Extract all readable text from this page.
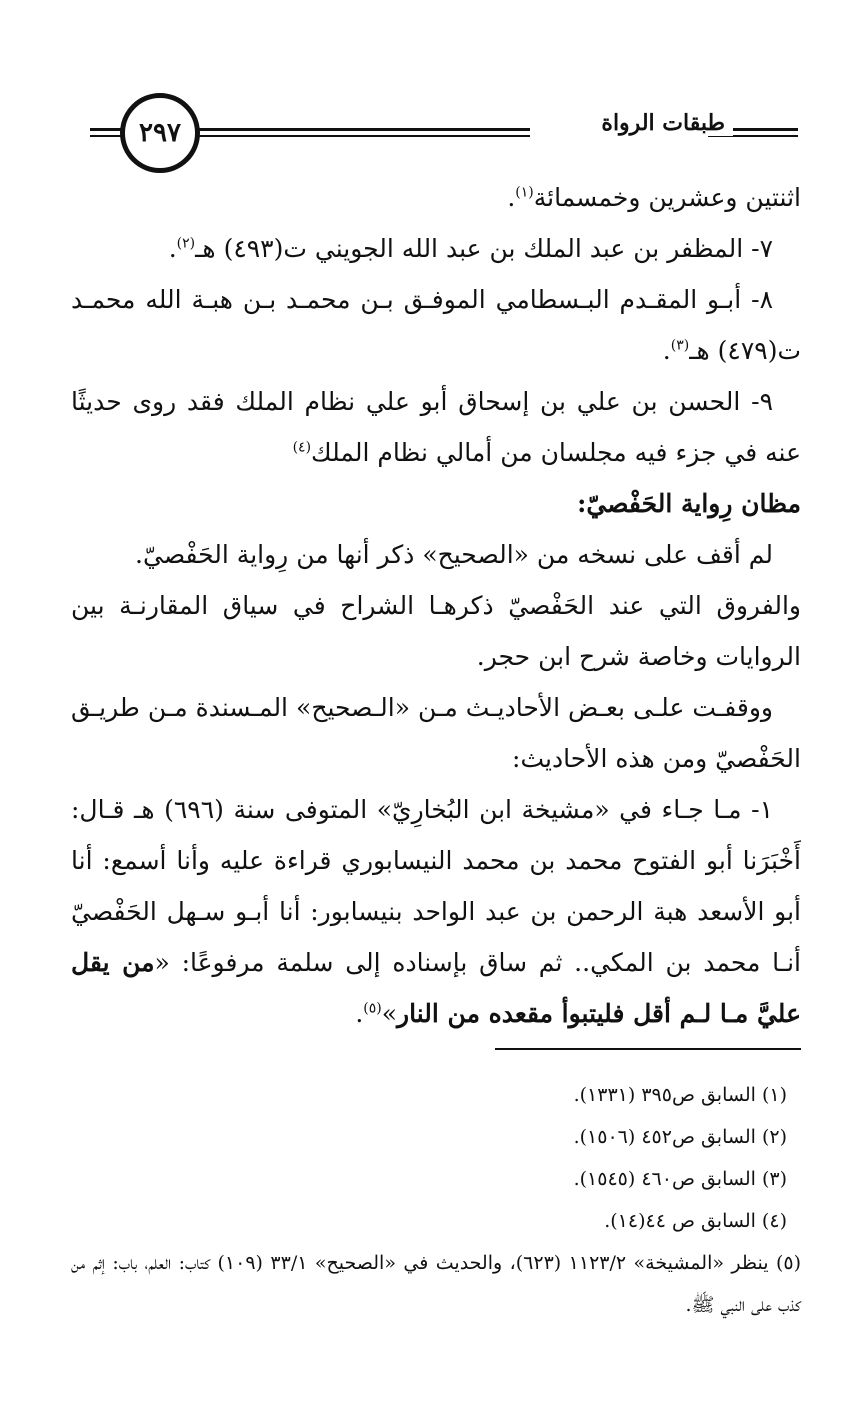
طبقات الرواة
٢٩٧

اثنتين وعشرين وخمسمائة$^{(١)}$.

٧- المظفر بن عبد الملك بن عبد الله الجويني ت(٤٩٣) هـ$^{(٢)}$.

٨- أبـو المقـدم البـسطامي الموفـق بـن محمـد بـن هبـة الله محمـد ت(٤٧٩) هـ$^{(٣)}$.

٩- الحسن بن علي بن إسحاق أبو علي نظام الملك فقد روى حديثًا عنه في جزء فيه مجلسان من أمالي نظام الملك$^{(٤)}$

مظان رِواية الحَفْصيّ:

لم أقف على نسخه من «الصحيح» ذكر أنها من رِواية الحَفْصيّ.

والفروق التي عند الحَفْصيّ ذكرهـا الشراح في سياق المقارنـة بين الروايات وخاصة شرح ابن حجر.

ووقفـت علـى بعـض الأحاديـث مـن «الـصحيح» المـسندة مـن طريـق الحَفْصيّ ومن هذه الأحاديث:

١- مـا جـاء في «مشيخة ابن البُخارِيّ» المتوفى سنة (٦٩٦) هـ قـال: أَخْبَرَنا أبو الفتوح محمد بن محمد النيسابوري قراءة عليه وأنا أسمع: أنا أبو الأسعد هبة الرحمن بن عبد الواحد بنيسابور: أنا أبـو سـهل الحَفْصيّ أنـا محمد بن المكي.. ثم ساق بإسناده إلى سلمة مرفوعًا: «من يقل عليَّ مـا لـم أقل فليتبوأ مقعده من النار»$^{(٥)}$.

(١) السابق ص٣٩٥ (١٣٣١).

(٢) السابق ص٤٥٢ (١٥٠٦).

(٣) السابق ص٤٦٠ (١٥٤٥).

(٤) السابق ص ٤٤(١٤).

(٥) ينظر «المشيخة» ١١٢٣/٢ (٦٢٣)، والحديث في «الصحيح» ٣٣/١ (١٠٩) كتاب: العلم، باب: إثم من كذب على النبي ﷺ.
